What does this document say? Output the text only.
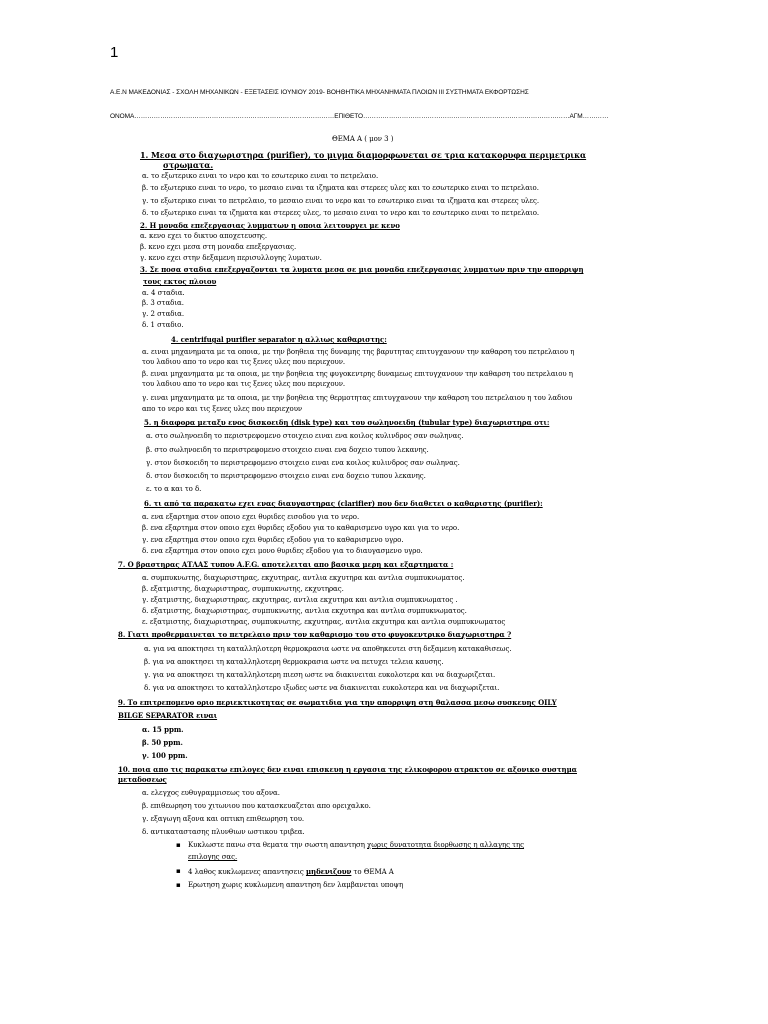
1
Α.Ε.Ν ΜΑΚΕΔΟΝΙΑΣ - ΣΧΟΛΗ ΜΗΧΑΝΙΚΩΝ - ΕΞΕΤΑΣΕΙΣ ΙΟΥΝΙΟΥ 2019- ΒΟΗΘΗΤΙΚΑ ΜΗΧΑΝΗΜΑΤΑ ΠΛΟΙΩΝ ΙΙΙ ΣΥΣΤΗΜΑΤΑ ΕΚΦΟΡΤΩΣΗΣ
ΟΝΟΜΑ…………………………………………………………………………………ΕΠΙΘΕΤΟ……………………………………………………………………………………ΑΓΜ…………
ΘΕΜΑ Α ( μον 3 )
1. Μεσα στο διαχωριστηρα (purifier), το μιγμα διαμορφωνεται σε τρια κατακορυφα περιμετρικα
στρωματα.
α. το εξωτερικο ειναι το νερο και το εσωτερικο ειναι το πετρελαιο.
β. το εξωτερικο ειναι το νερο, το μεσαιο ειναι τα ιζηματα και στερεες υλες και το εσωτερικο ειναι το πετρελαιο.
γ. το εξωτερικο ειναι το πετρελαιο, το μεσαιο ειναι το νερο και το εσωτερικο ειναι τα ιζηματα και στερεες υλες.
δ. το εξωτερικο ειναι τα ιζηματα και στερεες υλες, το μεσαιο ειναι το νερο και το εσωτερικο ειναι το πετρελαιο.
2. Η μοναδα επεξεργασιας λυμματων η οποια λειτουργει με κενο
α. κενο εχει το δικτυο αποχετευσης.
β. κενο εχει μεσα στη μοναδα επεξεργασιας.
γ. κενο εχει στην δεξαμενη περισυλλογης λυματων.
3. Σε ποσα σταδια επεξεργαζονται τα λυματα μεσα σε μια μοναδα επεξεργασιας λυμματων πριν την απορριψη
τους εκτος πλοιου
α. 4 σταδια.
β. 3 σταδια.
γ. 2 σταδια.
δ. 1 σταδιο.
4. centrifugal purifier separator η αλλιως καθαριστης:
α. ειναι μηχανηματα με τα οποια, με την βοηθεια της δυναμης της βαρυτητας επιτυγχανουν την καθαρση του πετρελαιου η
του λαδιου απο το νερο και τις ξενες υλες που περιεχουν.
β. ειναι μηχανηματα με τα οποια, με την βοηθεια της φυγοκεντρης δυναμεως επιτυγχανουν την καθαρση του πετρελαιου η
του λαδιου απο το νερο και τις ξενες υλες που περιεχουν.
γ. ειναι μηχανηματα με τα οποια, με την βοηθεια της θερμοτητας επιτυγχανουν την καθαρση του πετρελαιου η του λαδιου
απο το νερο και τις ξενες υλες που περιεχουν
5. η διαφορα μεταξυ ενος δισκοειδη (disk type) και του σωληνοειδη (tubular type) διαχωριστηρα οτι:
α. στο σωληνοειδη το περιστρεφομενο στοιχειο ειναι ενα κοιλος κυλινδρος σαν σωληνας.
β. στο σωληνοειδη το περιστρεφομενο στοιχειο ειναι ενα δοχειο τυπου λεκανης.
γ. στον δισκοειδη το περιστρεφομενο στοιχειο ειναι ενα κοιλος κυλινδρος σαν σωληνας.
δ. στον δισκοειδη το περιστρεφομενο στοιχειο ειναι ενα δοχειο τυπου λεκανης.
ε. το α και το δ.
6. τι από τα παρακατω εχει ενας διαυγαστηρας (clarifier) που δεν διαθετει ο καθαριστης (purifier):
α. ενα εξαρτημα στον οποιο εχει θυριδες εισοδου για το νερο.
β. ενα εξαρτημα στον οποιο εχει θυριδες εξοδου για το καθαρισμενο υγρο και για το νερο.
γ. ενα εξαρτημα στον οποιο εχει θυριδες εξοδου για το καθαρισμενο υγρο.
δ. ενα εξαρτημα στον οποιο εχει μονο θυριδες εξοδου για το διαυγασμενο υγρο.
7. Ο βραστηρας ΑΤΛΑΣ τυπου A.F.G. αποτελειται απο βασικα μερη και εξαρτηματα :
α. συμπυκνωτης, διαχωριστηρας, εκχυτηρας, αντλια εκχυτηρα και αντλια συμπυκνωματος.
β. εξατμιστης, διαχωριστηρας, συμπυκνωτης, εκχυτηρας.
γ. εξατμιστης, διαχωριστηρας, εκχυτηρας, αντλια εκχυτηρα και αντλια συμπυκνωματος .
δ. εξατμιστης, διαχωριστηρας, συμπυκνωτης, αντλια εκχυτηρα και αντλια συμπυκνωματος.
ε. εξατμιστης, διαχωριστηρας, συμπυκνωτης, εκχυτηρας, αντλια εκχυτηρα και αντλια συμπυκνωματος
8. Γιατι προθερμαινεται το πετρελαιο πριν τον καθαρισμο του στο φυγοκεντρικο διαχωριστηρα ?
α. για να αποκτησει τη καταλληλοτερη θερμοκρασια ωστε να αποθηκευτει στη δεξαμενη κατακαθισεως.
β. για να αποκτησει τη καταλληλοτερη θερμοκρασια ωστε να πετυχει τελεια καυσης.
γ. για να αποκτησει τη καταλληλοτερη πιεση ωστε να διακινειται ευκολοτερα και να διαχωριζεται.
δ. για να αποκτησει το καταλληλοτερο ιξωδες ωστε να διακινειται ευκολοτερα και να διαχωριζεται.
9. Το επιτρεπομενο οριο περιεκτικοτητας σε σωματιδια για την απορριψη στη θαλασσα μεσω συσκευης OILY
BILGE SEPARATOR ειναι
α. 15 ppm.
β. 50 ppm.
γ. 100 ppm.
10. ποια απο τις παρακατω επιλογες δεν ειναι επισκευη η εργασια της ελικοφορου ατρακτου σε αξονικο συστημα
μεταδοσεως
α. ελεγχος ευθυγραμμισεως του αξονα.
β. επιθεωρηση του χιτωνιου που κατασκευαζεται απο ορειχαλκο.
γ. εξαγωγη αξονα και οπτικη επιθεωρηση του.
δ. αντικαταστασης πλυνθιων ωστικου τριβεα.
▪ Κυκλωστε πανω στα θεματα την σωστη απαντηση χωρις δυνατοτητα διορθωσης η αλλαγης της
επιλογης σας.
▪ 4 λαθος κυκλωμενες απαντησεις μηδενιζουν το ΘΕΜΑ Α
▪ Ερωτηση χωρις κυκλωμενη απαντηση δεν λαμβανεται υποψη
